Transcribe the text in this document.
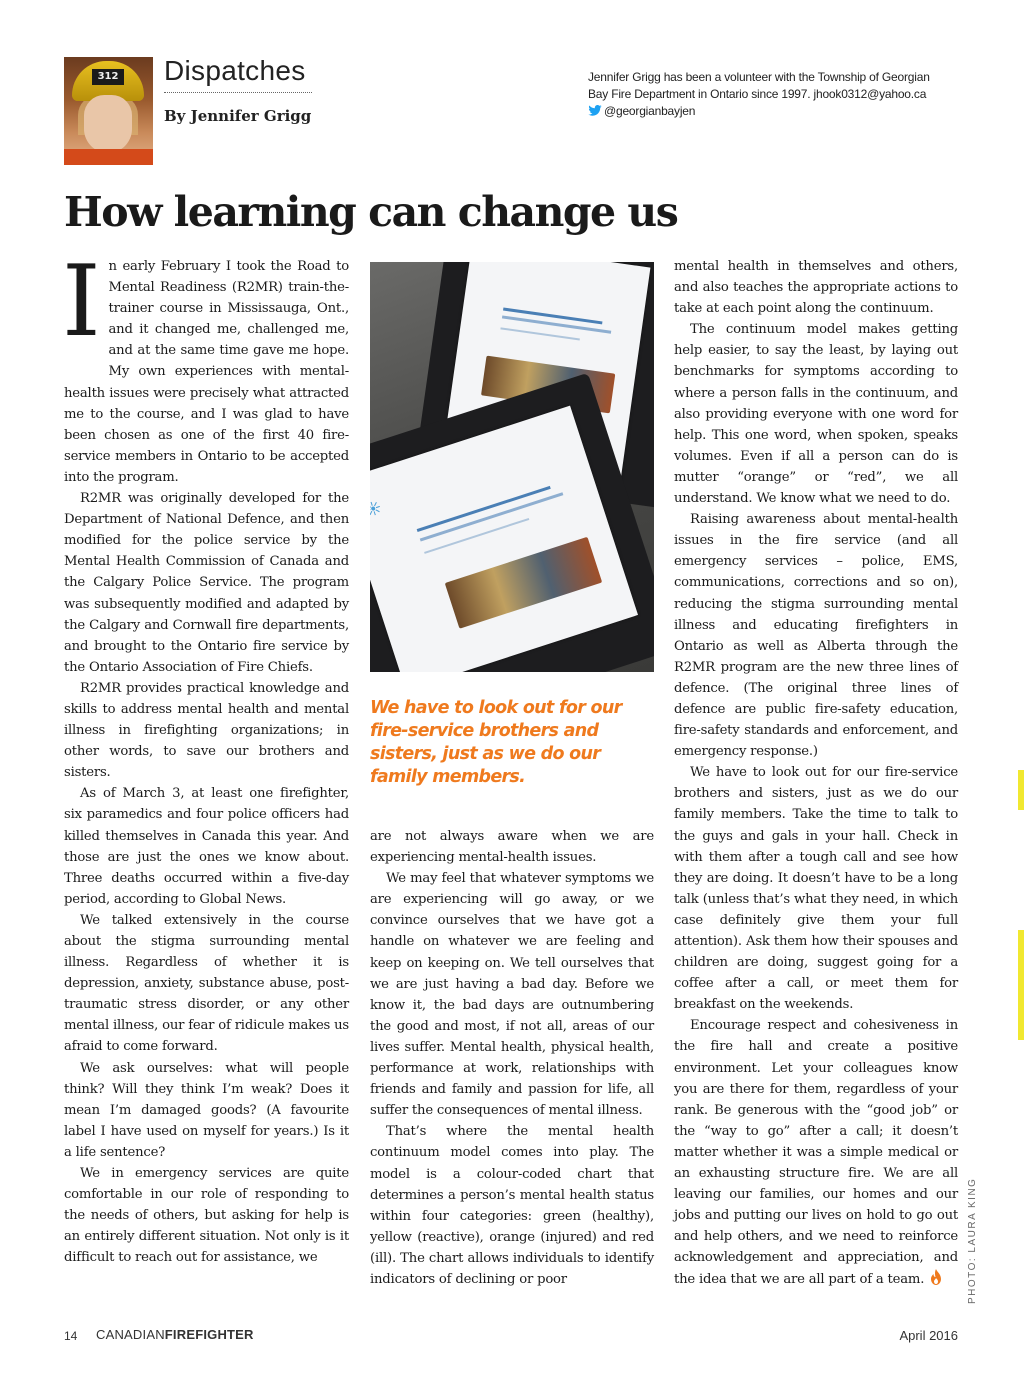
312 Dispatches
By Jennifer Grigg
Jennifer Grigg has been a volunteer with the Township of Georgian Bay Fire Department in Ontario since 1997. jhook0312@yahoo.ca
@georgianbayjen
How learning can change us

In early February I took the Road to Mental Readiness (R2MR) train-the-trainer course in Mississauga, Ont., and it changed me, challenged me, and at the same time gave me hope. My own experiences with mental-health issues were precisely what attracted me to the course, and I was glad to have been chosen as one of the first 40 fire-service members in Ontario to be accepted into the program.

R2MR was originally developed for the Department of National Defence, and then modified for the police service by the Mental Health Commission of Canada and the Calgary Police Service. The program was subsequently modified and adapted by the Calgary and Cornwall fire departments, and brought to the Ontario fire service by the Ontario Association of Fire Chiefs.

R2MR provides practical knowledge and skills to address mental health and mental illness in firefighting organizations; in other words, to save our brothers and sisters.

As of March 3, at least one firefighter, six paramedics and four police officers had killed themselves in Canada this year. And those are just the ones we know about. Three deaths occurred within a five-day period, according to Global News.

We talked extensively in the course about the stigma surrounding mental illness. Regardless of whether it is depression, anxiety, substance abuse, post-traumatic stress disorder, or any other mental illness, our fear of ridicule makes us afraid to come forward.

We ask ourselves: what will people think? Will they think I’m weak? Does it mean I’m damaged goods? (A favourite label I have used on myself for years.) Is it a life sentence?

We in emergency services are quite comfortable in our role of responding to the needs of others, but asking for help is an entirely different situation. Not only is it difficult to reach out for assistance, we

We have to look out for our fire-service brothers and sisters, just as we do our family members.

are not always aware when we are experiencing mental-health issues.

We may feel that whatever symptoms we are experiencing will go away, or we convince ourselves that we have got a handle on whatever we are feeling and keep on keeping on. We tell ourselves that we are just having a bad day. Before we know it, the bad days are outnumbering the good and most, if not all, areas of our lives suffer. Mental health, physical health, performance at work, relationships with friends and family and passion for life, all suffer the consequences of mental illness.

That’s where the mental health continuum model comes into play. The model is a colour-coded chart that determines a person’s mental health status within four categories: green (healthy), yellow (reactive), orange (injured) and red (ill). The chart allows individuals to identify indicators of declining or poor

mental health in themselves and others, and also teaches the appropriate actions to take at each point along the continuum.

The continuum model makes getting help easier, to say the least, by laying out benchmarks for symptoms according to where a person falls in the continuum, and also providing everyone with one word for help. This one word, when spoken, speaks volumes. Even if all a person can do is mutter “orange” or “red”, we all understand. We know what we need to do.

Raising awareness about mental-health issues in the fire service (and all emergency services – police, EMS, communications, corrections and so on), reducing the stigma surrounding mental illness and educating firefighters in Ontario as well as Alberta through the R2MR program are the new three lines of defence. (The original three lines of defence are public fire-safety education, fire-safety standards and enforcement, and emergency response.)

We have to look out for our fire-service brothers and sisters, just as we do our family members. Take the time to talk to the guys and gals in your hall. Check in with them after a tough call and see how they are doing. It doesn’t have to be a long talk (unless that’s what they need, in which case definitely give them your full attention). Ask them how their spouses and children are doing, suggest going for a coffee after a call, or meet them for breakfast on the weekends.

Encourage respect and cohesiveness in the fire hall and create a positive environment. Let your colleagues know you are there for them, regardless of your rank. Be generous with the “good job” or the “way to go” after a call; it doesn’t matter whether it was a simple medical or an exhausting structure fire. We are all leaving our families, our homes and our jobs and putting our lives on hold to go out and help others, and we need to reinforce acknowledgement and appreciation, and the idea that we are all part of a team.	PHOTO: LAURA KING
14 CANADIANFIREFIGHTER	April 2016
